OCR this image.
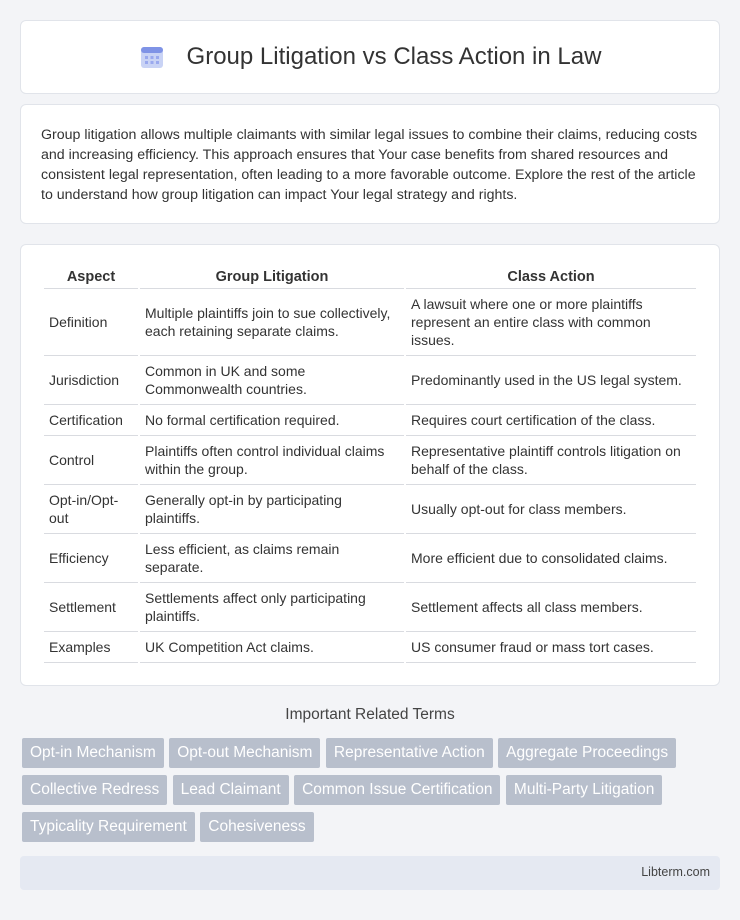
Group Litigation vs Class Action in Law

Group litigation allows multiple claimants with similar legal issues to combine their claims, reducing costs and increasing efficiency. This approach ensures that Your case benefits from shared resources and consistent legal representation, often leading to a more favorable outcome. Explore the rest of the article to understand how group litigation can impact Your legal strategy and rights.

Aspect	Group Litigation	Class Action
Definition	Multiple plaintiffs join to sue collectively, each retaining separate claims.	A lawsuit where one or more plaintiffs represent an entire class with common issues.
Jurisdiction	Common in UK and some Commonwealth countries.	Predominantly used in the US legal system.
Certification	No formal certification required.	Requires court certification of the class.
Control	Plaintiffs often control individual claims within the group.	Representative plaintiff controls litigation on behalf of the class.
Opt-in/Opt-out	Generally opt-in by participating plaintiffs.	Usually opt-out for class members.
Efficiency	Less efficient, as claims remain separate.	More efficient due to consolidated claims.
Settlement	Settlements affect only participating plaintiffs.	Settlement affects all class members.
Examples	UK Competition Act claims.	US consumer fraud or mass tort cases.
Important Related Terms
Opt-in Mechanism Opt-out Mechanism Representative Action Aggregate Proceedings Collective Redress Lead Claimant Common Issue Certification Multi-Party Litigation Typicality Requirement Cohesiveness
Libterm.com
